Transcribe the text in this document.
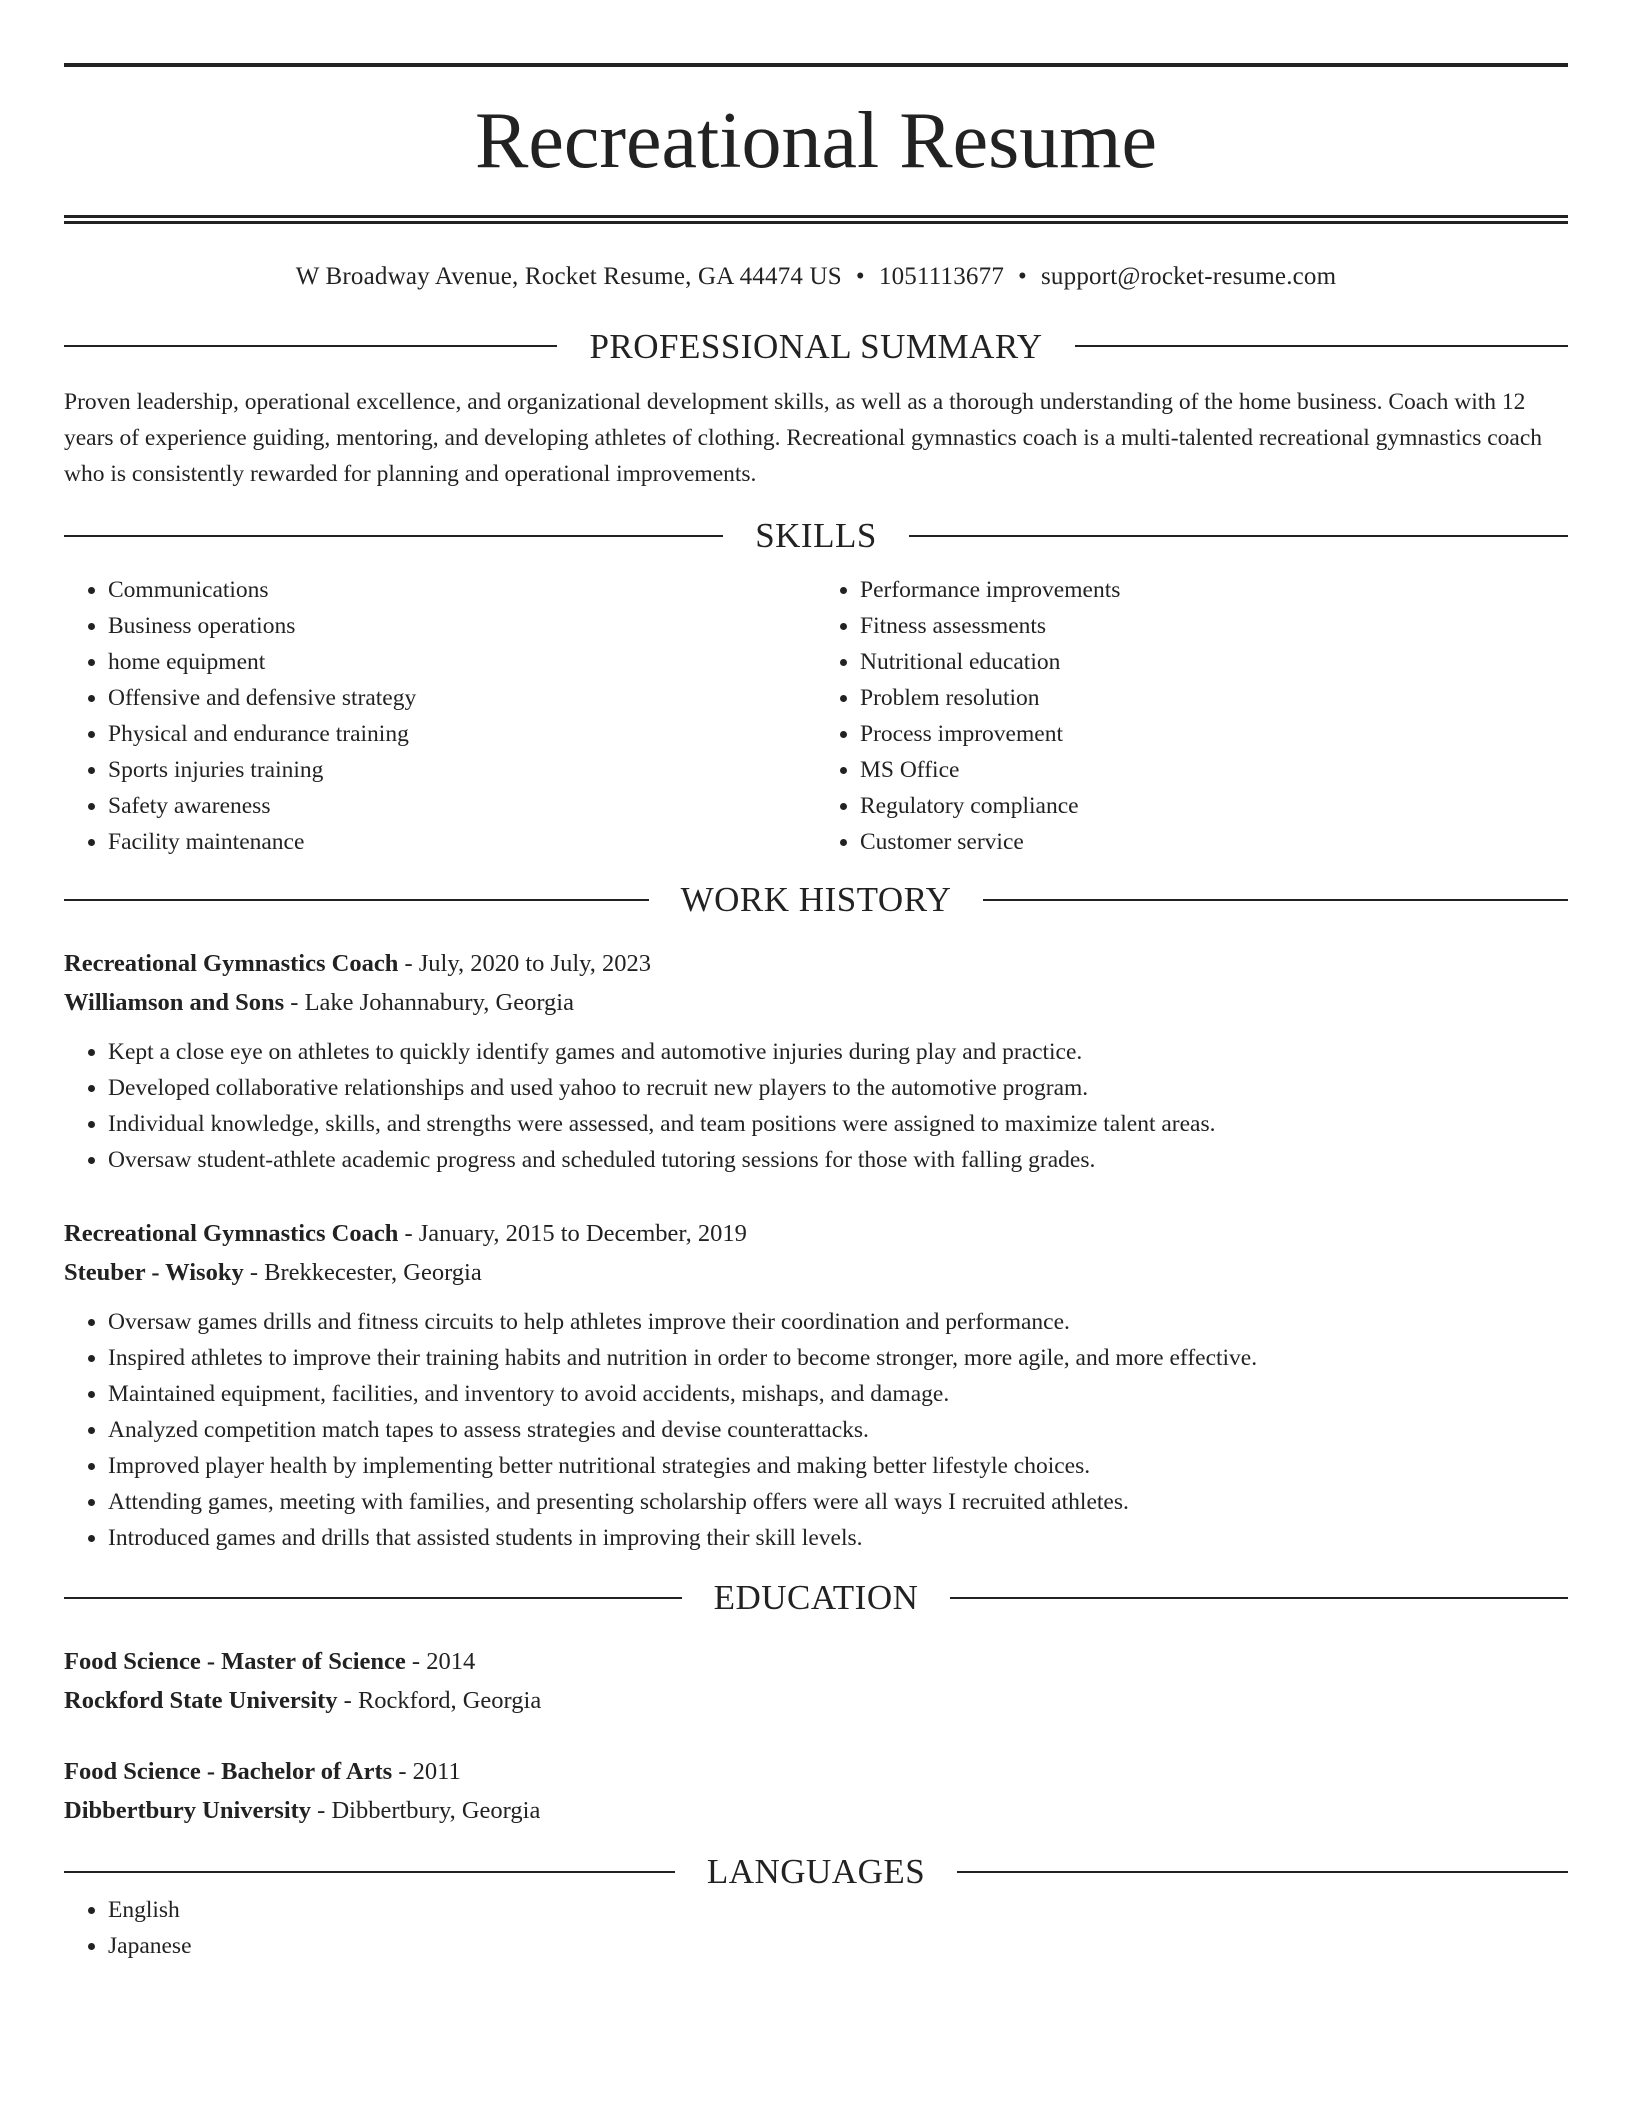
Recreational Resume
W Broadway Avenue, Rocket Resume, GA 44474 US • 1051113677 • support@rocket-resume.com
PROFESSIONAL SUMMARY

Proven leadership, operational excellence, and organizational development skills, as well as a thorough understanding of the home business. Coach with 12 years of experience guiding, mentoring, and developing athletes of clothing. Recreational gymnastics coach is a multi-talented recreational gymnastics coach who is consistently rewarded for planning and operational improvements.

SKILLS
• Communications
• Business operations
• home equipment
• Offensive and defensive strategy
• Physical and endurance training
• Sports injuries training
• Safety awareness
• Facility maintenance
• Performance improvements
• Fitness assessments
• Nutritional education
• Problem resolution
• Process improvement
• MS Office
• Regulatory compliance
• Customer service
WORK HISTORY
Recreational Gymnastics Coach - July, 2020 to July, 2023
Williamson and Sons - Lake Johannabury, Georgia
• Kept a close eye on athletes to quickly identify games and automotive injuries during play and practice.
• Developed collaborative relationships and used yahoo to recruit new players to the automotive program.
• Individual knowledge, skills, and strengths were assessed, and team positions were assigned to maximize talent areas.
• Oversaw student-athlete academic progress and scheduled tutoring sessions for those with falling grades.
Recreational Gymnastics Coach - January, 2015 to December, 2019
Steuber - Wisoky - Brekkecester, Georgia
• Oversaw games drills and fitness circuits to help athletes improve their coordination and performance.
• Inspired athletes to improve their training habits and nutrition in order to become stronger, more agile, and more effective.
• Maintained equipment, facilities, and inventory to avoid accidents, mishaps, and damage.
• Analyzed competition match tapes to assess strategies and devise counterattacks.
• Improved player health by implementing better nutritional strategies and making better lifestyle choices.
• Attending games, meeting with families, and presenting scholarship offers were all ways I recruited athletes.
• Introduced games and drills that assisted students in improving their skill levels.
EDUCATION
Food Science - Master of Science - 2014
Rockford State University - Rockford, Georgia
Food Science - Bachelor of Arts - 2011
Dibbertbury University - Dibbertbury, Georgia
LANGUAGES
• English
• Japanese
